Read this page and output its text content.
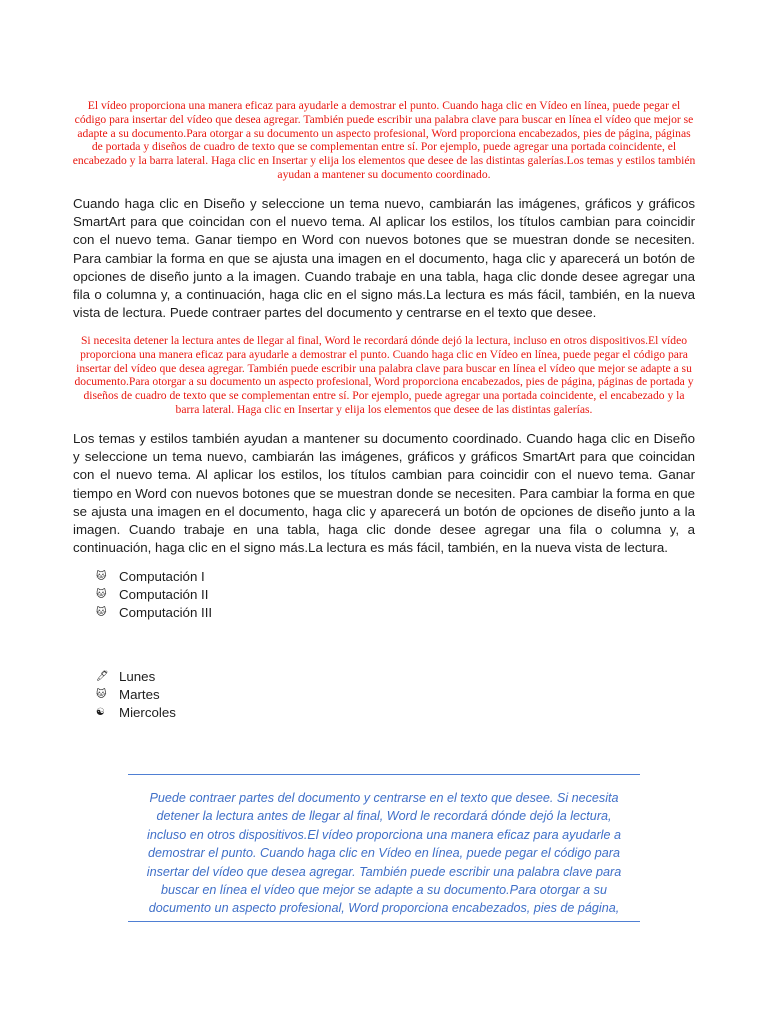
El vídeo proporciona una manera eficaz para ayudarle a demostrar el punto. Cuando haga clic en Vídeo en línea, puede pegar el código para insertar del vídeo que desea agregar. También puede escribir una palabra clave para buscar en línea el vídeo que mejor se adapte a su documento.Para otorgar a su documento un aspecto profesional, Word proporciona encabezados, pies de página, páginas de portada y diseños de cuadro de texto que se complementan entre sí. Por ejemplo, puede agregar una portada coincidente, el encabezado y la barra lateral. Haga clic en Insertar y elija los elementos que desee de las distintas galerías.Los temas y estilos también ayudan a mantener su documento coordinado.

Cuando haga clic en Diseño y seleccione un tema nuevo, cambiarán las imágenes, gráficos y gráficos SmartArt para que coincidan con el nuevo tema. Al aplicar los estilos, los títulos cambian para coincidir con el nuevo tema. Ganar tiempo en Word con nuevos botones que se muestran donde se necesiten. Para cambiar la forma en que se ajusta una imagen en el documento, haga clic y aparecerá un botón de opciones de diseño junto a la imagen. Cuando trabaje en una tabla, haga clic donde desee agregar una fila o columna y, a continuación, haga clic en el signo más.La lectura es más fácil, también, en la nueva vista de lectura. Puede contraer partes del documento y centrarse en el texto que desee.

Si necesita detener la lectura antes de llegar al final, Word le recordará dónde dejó la lectura, incluso en otros dispositivos.El vídeo proporciona una manera eficaz para ayudarle a demostrar el punto. Cuando haga clic en Vídeo en línea, puede pegar el código para insertar del vídeo que desea agregar. También puede escribir una palabra clave para buscar en línea el vídeo que mejor se adapte a su documento.Para otorgar a su documento un aspecto profesional, Word proporciona encabezados, pies de página, páginas de portada y diseños de cuadro de texto que se complementan entre sí. Por ejemplo, puede agregar una portada coincidente, el encabezado y la barra lateral. Haga clic en Insertar y elija los elementos que desee de las distintas galerías.

Los temas y estilos también ayudan a mantener su documento coordinado. Cuando haga clic en Diseño y seleccione un tema nuevo, cambiarán las imágenes, gráficos y gráficos SmartArt para que coincidan con el nuevo tema. Al aplicar los estilos, los títulos cambian para coincidir con el nuevo tema. Ganar tiempo en Word con nuevos botones que se muestran donde se necesiten. Para cambiar la forma en que se ajusta una imagen en el documento, haga clic y aparecerá un botón de opciones de diseño junto a la imagen. Cuando trabaje en una tabla, haga clic donde desee agregar una fila o columna y, a continuación, haga clic en el signo más.La lectura es más fácil, también, en la nueva vista de lectura.

🐱 Computación I
🐱 Computación II
🐱 Computación III
🖊 Lunes
🐱 Martes
☯	Miercoles

Puede contraer partes del documento y centrarse en el texto que desee. Si necesita detener la lectura antes de llegar al final, Word le recordará dónde dejó la lectura, incluso en otros dispositivos.El vídeo proporciona una manera eficaz para ayudarle a demostrar el punto. Cuando haga clic en Vídeo en línea, puede pegar el código para insertar del vídeo que desea agregar. También puede escribir una palabra clave para buscar en línea el vídeo que mejor se adapte a su documento.Para otorgar a su documento un aspecto profesional, Word proporciona encabezados, pies de página,
